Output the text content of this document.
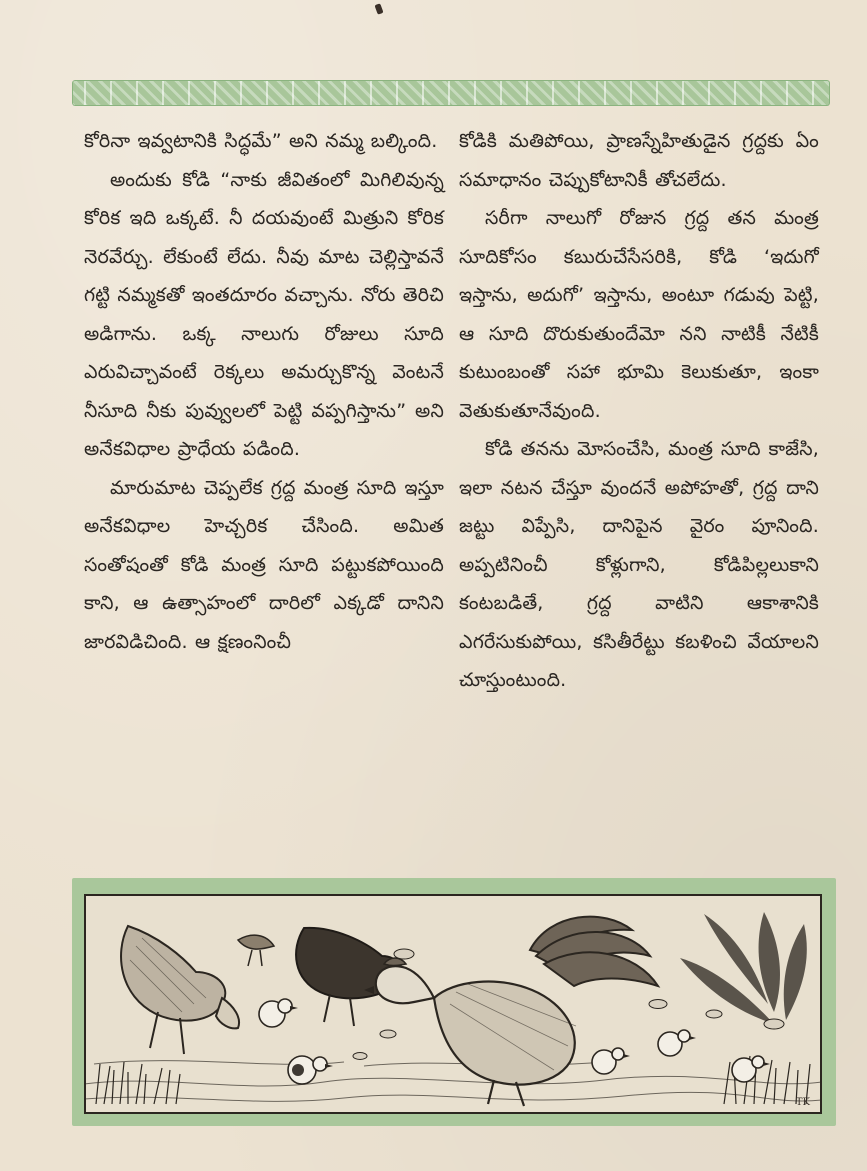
కోరినా ఇవ్వటానికి సిద్ధమే” అని నమ్మ బల్కింది.

అందుకు కోడి “నాకు జీవితంలో మిగిలివున్న కోరిక ఇది ఒక్కటే. నీ దయవుంటే మిత్రుని కోరిక నెరవేర్చు. లేకుంటే లేదు. నీవు మాట చెల్లిస్తావనే గట్టి నమ్మకతో ఇంతదూరం వచ్చాను. నోరు తెరిచి అడిగాను. ఒక్క నాలుగు రోజులు సూది ఎరువిచ్చావంటే రెక్కలు అమర్చుకొన్న వెంటనే నీసూది నీకు పువ్వులలో పెట్టి వప్పగిస్తాను” అని అనేకవిధాల ప్రాధేయ పడింది.

మారుమాట చెప్పలేక గ్రద్ద మంత్ర సూది ఇస్తూ అనేకవిధాల హెచ్చరిక చేసింది. అమిత సంతోషంతో కోడి మంత్ర సూది పట్టుకపోయింది కాని, ఆ ఉత్సాహంలో దారిలో ఎక్కడో దానిని జారవిడిచింది. ఆ క్షణంనించీ

కోడికి మతిపోయి, ప్రాణస్నేహితుడైన గ్రద్దకు ఏం సమాధానం చెప్పుకోటానికీ తోచలేదు.

సరీగా నాలుగో రోజున గ్రద్ద తన మంత్ర సూదికోసం కబురుచేసేసరికి, కోడి ‘ఇదుగో ఇస్తాను, అదుగో’ ఇస్తాను, అంటూ గడువు పెట్టి, ఆ సూది దొరుకుతుందేమో నని నాటికీ నేటికీ కుటుంబంతో సహా భూమి కెలుకుతూ, ఇంకా వెతుకుతూనేవుంది.

కోడి తనను మోసంచేసి, మంత్ర సూది కాజేసి, ఇలా నటన చేస్తూ వుందనే అపోహతో, గ్రద్ద దాని జట్టు విప్పేసి, దానిపైన వైరం పూనింది. అప్పటినించీ కోళ్లుగాని, కోడిపిల్లలుకాని కంటబడితే, గ్రద్ద వాటిని ఆకాశానికి ఎగరేసుకుపోయి, కసితీరేట్టు కబళించి వేయాలని చూస్తుంటుంది.

TK
